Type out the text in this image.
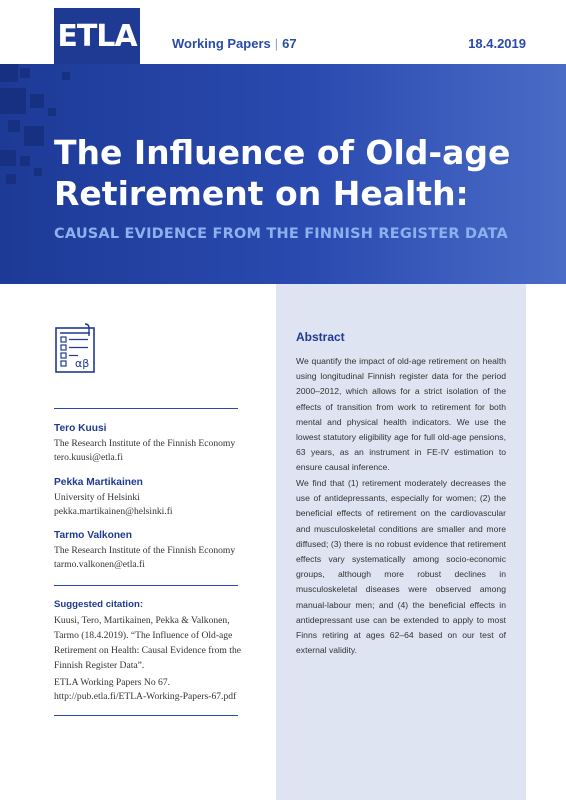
ETLA	Working Papers | 67	18.4.2019
The Influence of Old-age
Retirement on Health:
CAUSAL EVIDENCE FROM THE FINNISH REGISTER DATA
Abstract

We quantify the impact of old-age retirement on health using longitudinal Finnish register data for the period 2000–2012, which allows for a strict isolation of the effects of transition from work to retirement for both mental and physical health indicators. We use the lowest statutory eligibility age for full old-age pensions, 63 years, as an instrument in FE-IV estimation to ensure causal inference.

We find that (1) retirement moderately decreases the use of antidepressants, especially for women; (2) the beneficial effects of retirement on the cardiovascular and musculoskeletal conditions are smaller and more diffused; (3) there is no robust evidence that retirement effects vary systematically among socio-economic groups, although more robust declines in musculoskeletal diseases were observed among manual-labour men; and (4) the beneficial effects in antidepressant use can be extended to apply to most Finns retiring at ages 62–64 based on our test of external validity.

αβ
Tero Kuusi
The Research Institute of the Finnish Economy
tero.kuusi@etla.fi
Pekka Martikainen
University of Helsinki
pekka.martikainen@helsinki.fi
Tarmo Valkonen
The Research Institute of the Finnish Economy
tarmo.valkonen@etla.fi
Suggested citation:

Kuusi, Tero, Martikainen, Pekka & Valkonen, Tarmo (18.4.2019). “The Influence of Old-age Retirement on Health: Causal Evidence from the Finnish Register Data”.

ETLA Working Papers No 67.
http://pub.etla.fi/ETLA-Working-Papers-67.pdf
